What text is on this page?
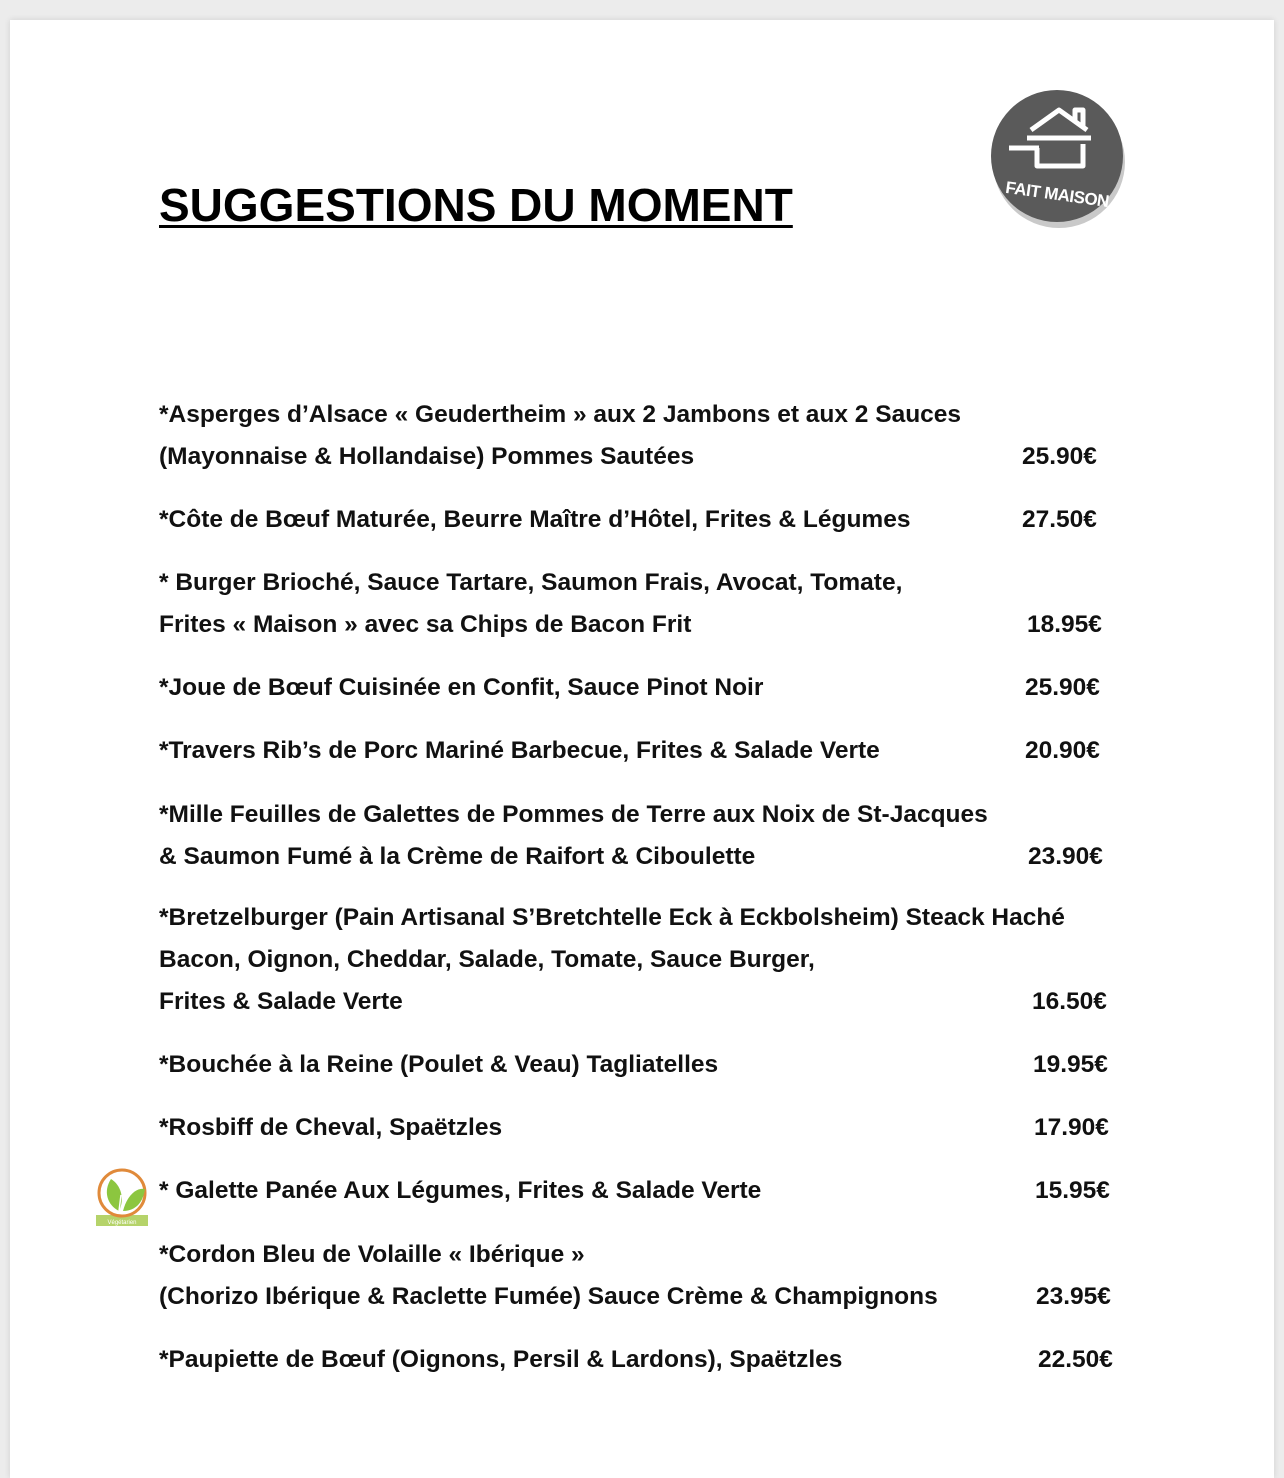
SUGGESTIONS DU MOMENT	FAIT MAISON
*Asperges d’Alsace « Geudertheim » aux 2 Jambons et aux 2 Sauces
(Mayonnaise & Hollandaise) Pommes Sautées	25.90€
*Côte de Bœuf Maturée, Beurre Maître d’Hôtel, Frites & Légumes	27.50€
* Burger Brioché, Sauce Tartare, Saumon Frais, Avocat, Tomate,
Frites « Maison » avec sa Chips de Bacon Frit	18.95€
*Joue de Bœuf Cuisinée en Confit, Sauce Pinot Noir	25.90€
*Travers Rib’s de Porc Mariné Barbecue, Frites & Salade Verte	20.90€
*Mille Feuilles de Galettes de Pommes de Terre aux Noix de St-Jacques
& Saumon Fumé à la Crème de Raifort & Ciboulette	23.90€
*Bretzelburger (Pain Artisanal S’Bretchtelle Eck à Eckbolsheim) Steack Haché
Bacon, Oignon, Cheddar, Salade, Tomate, Sauce Burger,
Frites & Salade Verte	16.50€
*Bouchée à la Reine (Poulet & Veau) Tagliatelles	19.95€
*Rosbiff de Cheval, Spaëtzles	17.90€
* Galette Panée Aux Légumes, Frites & Salade Verte	15.95€
*Cordon Bleu de Volaille « Ibérique »
(Chorizo Ibérique & Raclette Fumée) Sauce Crème & Champignons	23.95€
*Paupiette de Bœuf (Oignons, Persil & Lardons), Spaëtzles	22.50€
Végétarien
